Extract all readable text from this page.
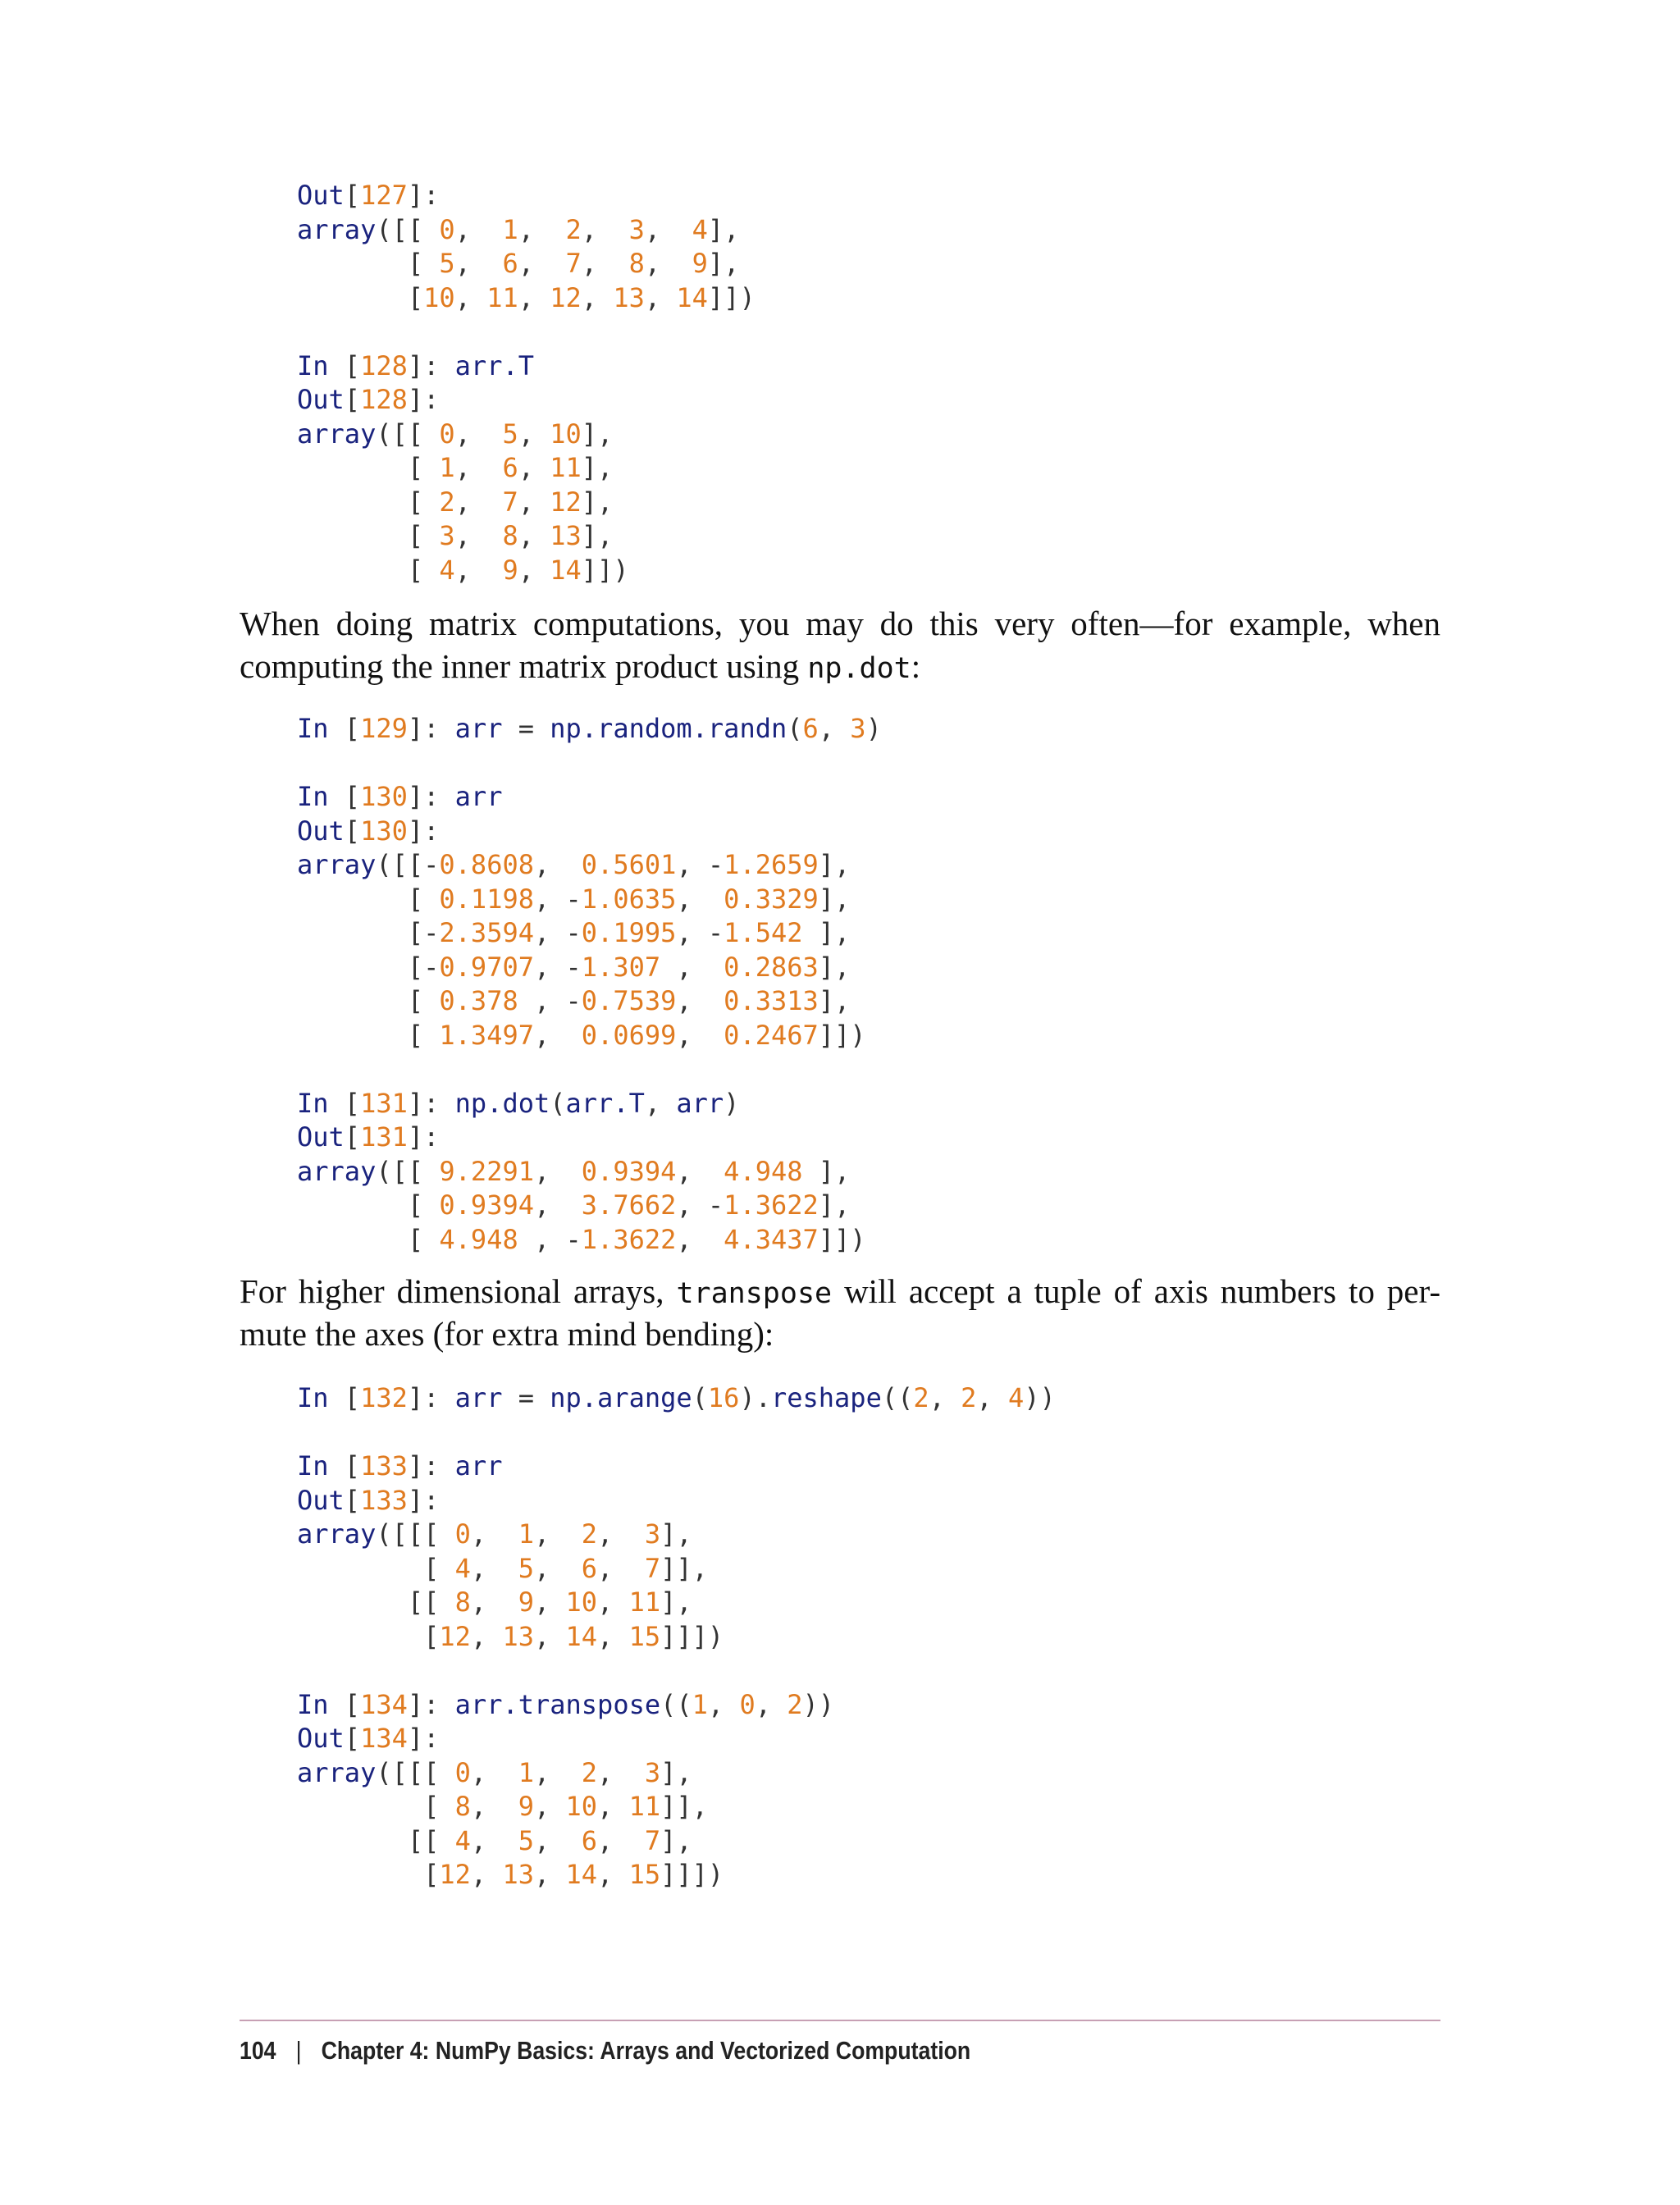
Out[127]:
array([[ 0, 1, 2, 3, 4],
[ 5, 6, 7, 8, 9],
[10, 11, 12, 13, 14]])

In [128]: arr.T
Out[128]:
array([[ 0, 5, 10],
[ 1, 6, 11],
[ 2, 7, 12],
[ 3, 8, 13],
[ 4, 9, 14]])
When doing matrix computations, you may do this very often—for example, when
computing the inner matrix product using np.dot:
In [129]: arr = np.random.randn(6, 3)

In [130]: arr
Out[130]:
array([[-0.8608, 0.5601, -1.2659],
[ 0.1198, -1.0635, 0.3329],
[-2.3594, -0.1995, -1.542 ],
[-0.9707, -1.307 , 0.2863],
[ 0.378 , -0.7539, 0.3313],
[ 1.3497, 0.0699, 0.2467]])

In [131]: np.dot(arr.T, arr)
Out[131]:
array([[ 9.2291, 0.9394, 4.948 ],
[ 0.9394, 3.7662, -1.3622],
[ 4.948 , -1.3622, 4.3437]])
For higher dimensional arrays, transpose will accept a tuple of axis numbers to per-
mute the axes (for extra mind bending):
In [132]: arr = np.arange(16).reshape((2, 2, 4))

In [133]: arr
Out[133]:
array([[[ 0, 1, 2, 3],
[ 4, 5, 6, 7]],
[[ 8, 9, 10, 11],
[12, 13, 14, 15]]])

In [134]: arr.transpose((1, 0, 2))
Out[134]:
array([[[ 0, 1, 2, 3],
[ 8, 9, 10, 11]],
[[ 4, 5, 6, 7],
[12, 13, 14, 15]]])
104 | Chapter 4: NumPy Basics: Arrays and Vectorized Computation
